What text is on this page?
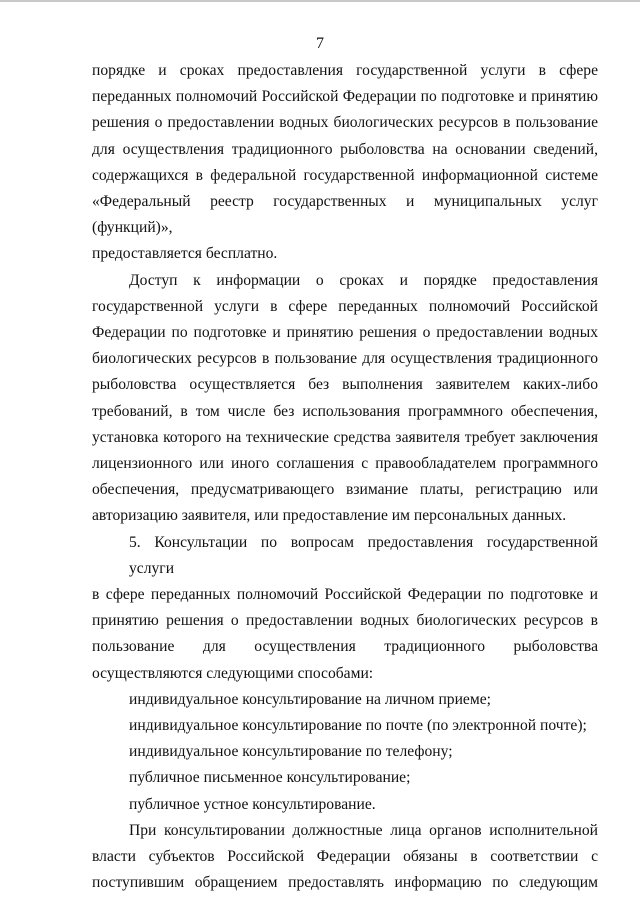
7
порядке и сроках предоставления государственной услуги в сфере
переданных полномочий Российской Федерации по подготовке и принятию
решения о предоставлении водных биологических ресурсов в пользование
для осуществления традиционного рыболовства на основании сведений,
содержащихся в федеральной государственной информационной системе
«Федеральный реестр государственных и муниципальных услуг (функций)»,
предоставляется бесплатно.
Доступ к информации о сроках и порядке предоставления
государственной услуги в сфере переданных полномочий Российской
Федерации по подготовке и принятию решения о предоставлении водных
биологических ресурсов в пользование для осуществления традиционного
рыболовства осуществляется без выполнения заявителем каких-либо
требований, в том числе без использования программного обеспечения,
установка которого на технические средства заявителя требует заключения
лицензионного или иного соглашения с правообладателем программного
обеспечения, предусматривающего взимание платы, регистрацию или
авторизацию заявителя, или предоставление им персональных данных.
5. Консультации по вопросам предоставления государственной услуги
в сфере переданных полномочий Российской Федерации по подготовке и
принятию решения о предоставлении водных биологических ресурсов в
пользование для осуществления традиционного рыболовства
осуществляются следующими способами:

индивидуальное консультирование на личном приеме;

индивидуальное консультирование по почте (по электронной почте);

индивидуальное консультирование по телефону;

публичное письменное консультирование;

публичное устное консультирование.

При консультировании должностные лица органов исполнительной
власти субъектов Российской Федерации обязаны в соответствии с
поступившим обращением предоставлять информацию по следующим
